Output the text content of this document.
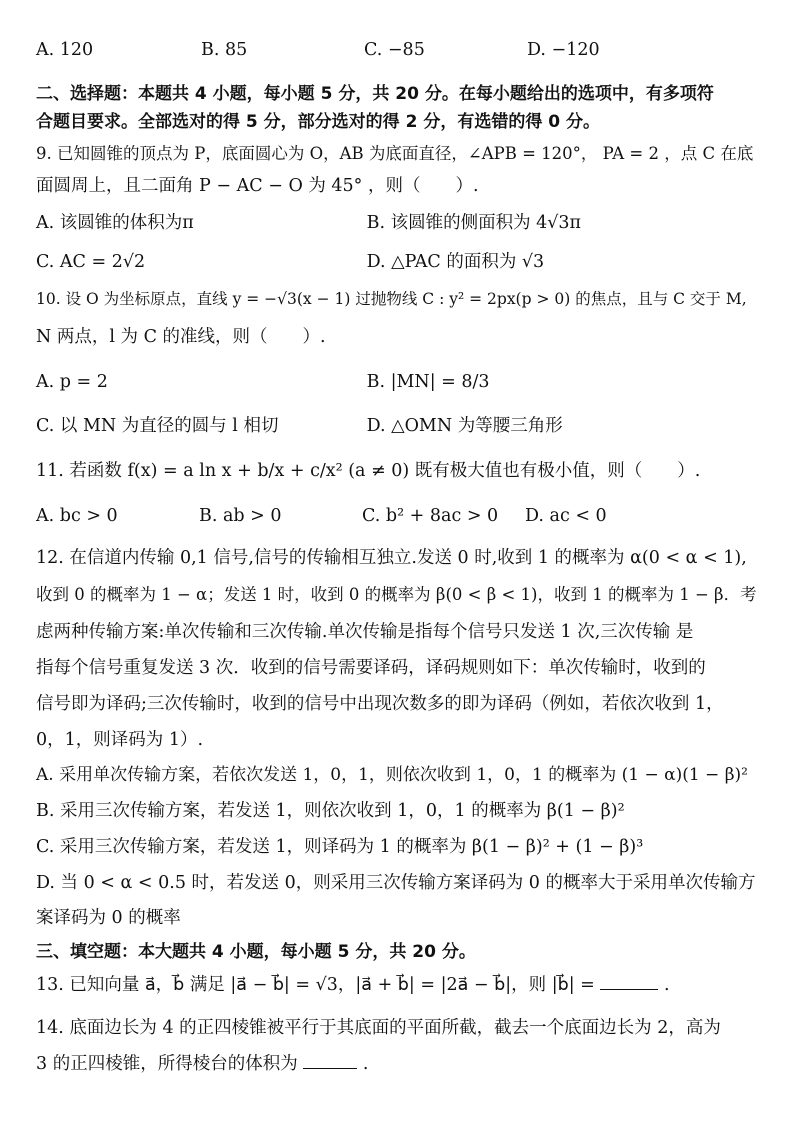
A. 120	B. 85	C. −85	D. −120
二、选择题：本题共 4 小题，每小题 5 分，共 20 分。在每小题给出的选项中，有多项符
合题目要求。全部选对的得 5 分，部分选对的得 2 分，有选错的得 0 分。
9. 已知圆锥的顶点为 P，底面圆心为 O，AB 为底面直径，∠APB = 120°， PA = 2 ，点 C 在底
面圆周上，且二面角 P − AC − O 为 45° ，则（　　）.
A. 该圆锥的体积为π	B. 该圆锥的侧面积为 4√3π
C. AC = 2√2	D. △PAC 的面积为 √3
10. 设 O 为坐标原点，直线 y = −√3(x − 1) 过抛物线 C : y² = 2px(p > 0) 的焦点，且与 C 交于 M,
N 两点，l 为 C 的准线，则（　　）.
A. p = 2	B. |MN| = 8/3
C. 以 MN 为直径的圆与 l 相切	D. △OMN 为等腰三角形
11. 若函数 f(x) = a ln x + b/x + c/x² (a ≠ 0) 既有极大值也有极小值，则（　　）.
A. bc > 0	B. ab > 0	C. b² + 8ac > 0	D. ac < 0
12. 在信道内传输 0,1 信号,信号的传输相互独立.发送 0 时,收到 1 的概率为 α(0 < α < 1),
收到 0 的概率为 1 − α；发送 1 时，收到 0 的概率为 β(0 < β < 1)，收到 1 的概率为 1 − β．考
虑两种传输方案:单次传输和三次传输.单次传输是指每个信号只发送 1 次,三次传输 是
指每个信号重复发送 3 次．收到的信号需要译码，译码规则如下：单次传输时，收到的
信号即为译码;三次传输时，收到的信号中出现次数多的即为译码（例如，若依次收到 1，
0，1，则译码为 1）.
A. 采用单次传输方案，若依次发送 1，0，1，则依次收到 1，0，1 的概率为 (1 − α)(1 − β)²
B. 采用三次传输方案，若发送 1，则依次收到 1，0，1 的概率为 β(1 − β)²
C. 采用三次传输方案，若发送 1，则译码为 1 的概率为 β(1 − β)² + (1 − β)³
D. 当 0 < α < 0.5 时，若发送 0，则采用三次传输方案译码为 0 的概率大于采用单次传输方
案译码为 0 的概率
三、填空题：本大题共 4 小题，每小题 5 分，共 20 分。
13. 已知向量 a⃗，b⃗ 满足 |a⃗ − b⃗| = √3，|a⃗ + b⃗| = |2a⃗ − b⃗|，则 |b⃗| =	.
14. 底面边长为 4 的正四棱锥被平行于其底面的平面所截，截去一个底面边长为 2，高为
3 的正四棱锥，所得棱台的体积为	.
